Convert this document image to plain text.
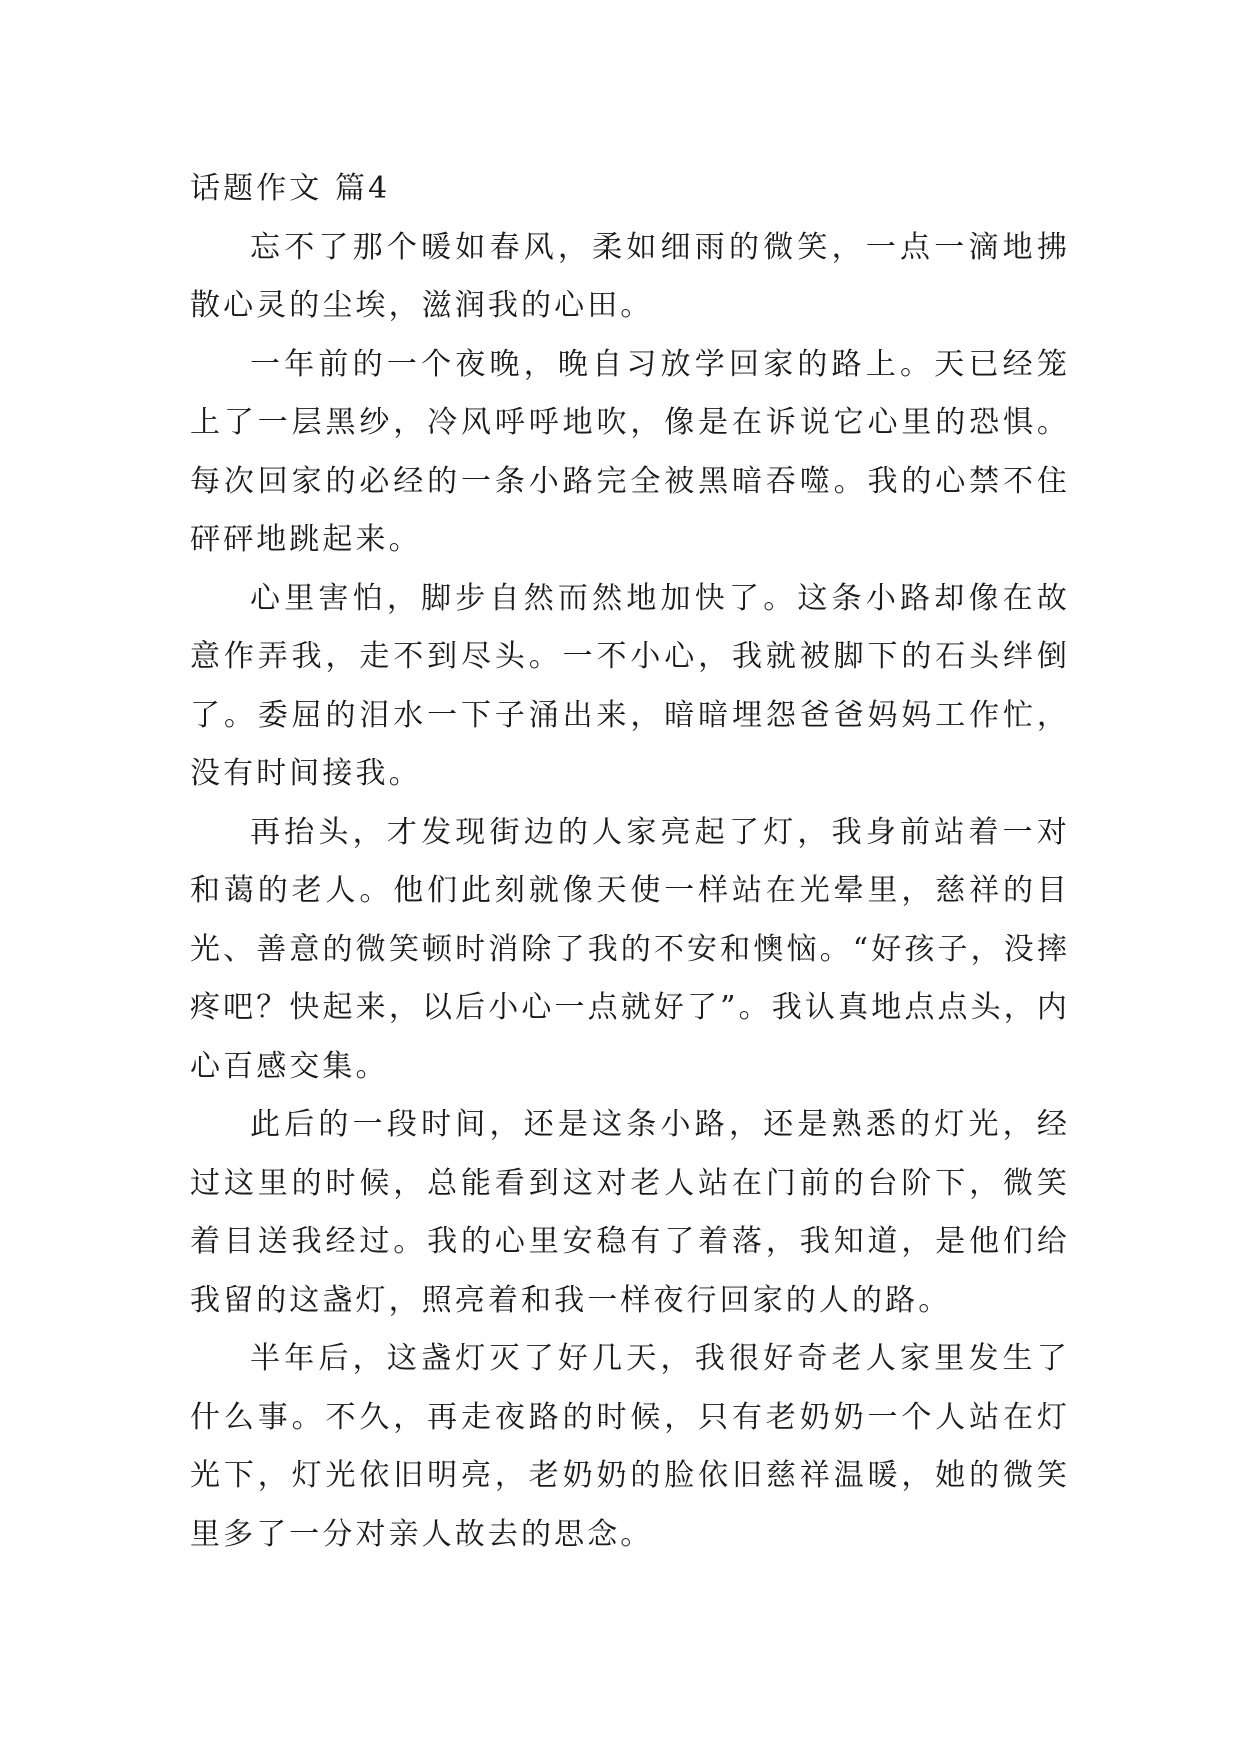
话题作文 篇4

忘不了那个暖如春风，柔如细雨的微笑，一点一滴地拂散心灵的尘埃，滋润我的心田。

一年前的一个夜晚，晚自习放学回家的路上。天已经笼上了一层黑纱，冷风呼呼地吹，像是在诉说它心里的恐惧。每次回家的必经的一条小路完全被黑暗吞噬。我的心禁不住砰砰地跳起来。

心里害怕，脚步自然而然地加快了。这条小路却像在故意作弄我，走不到尽头。一不小心，我就被脚下的石头绊倒了。委屈的泪水一下子涌出来，暗暗埋怨爸爸妈妈工作忙，没有时间接我。

再抬头，才发现街边的人家亮起了灯，我身前站着一对和蔼的老人。他们此刻就像天使一样站在光晕里，慈祥的目光、善意的微笑顿时消除了我的不安和懊恼。“好孩子，没摔疼吧？快起来，以后小心一点就好了”。我认真地点点头，内心百感交集。

此后的一段时间，还是这条小路，还是熟悉的灯光，经过这里的时候，总能看到这对老人站在门前的台阶下，微笑着目送我经过。我的心里安稳有了着落，我知道，是他们给我留的这盏灯，照亮着和我一样夜行回家的人的路。

半年后，这盏灯灭了好几天，我很好奇老人家里发生了什么事。不久，再走夜路的时候，只有老奶奶一个人站在灯光下，灯光依旧明亮，老奶奶的脸依旧慈祥温暖，她的微笑里多了一分对亲人故去的思念。
